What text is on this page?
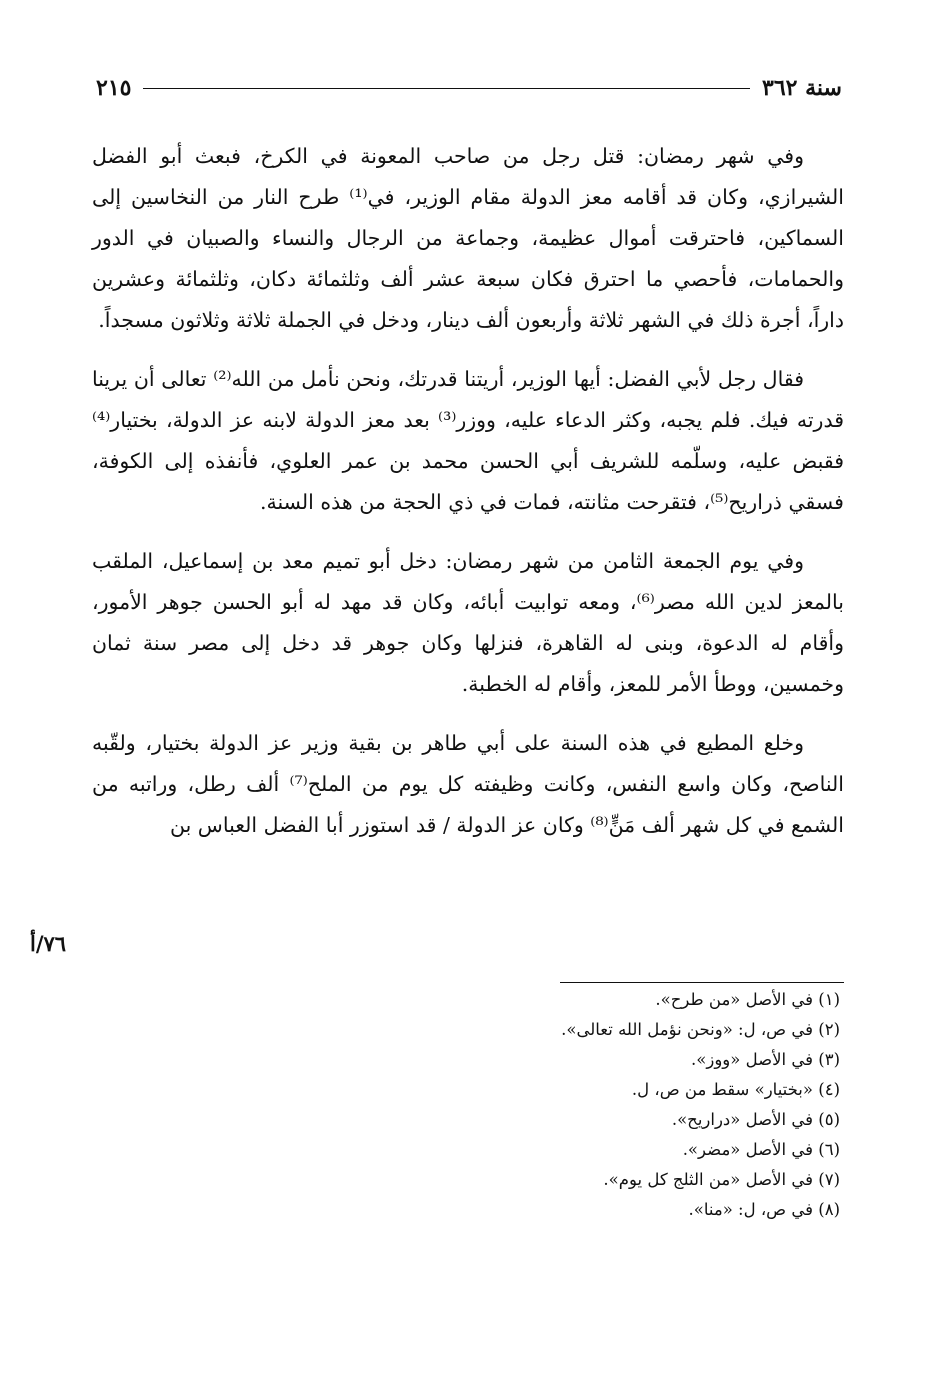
سنة ٣٦٢
٢١٥

وفي شهر رمضان: قتل رجل من صاحب المعونة في الكرخ، فبعث أبو الفضل الشيرازي، وكان قد أقامه معز الدولة مقام الوزير، في⁽¹⁾ طرح النار من النخاسين إلى السماكين، فاحترقت أموال عظيمة، وجماعة من الرجال والنساء والصبيان في الدور والحمامات، فأحصي ما احترق فكان سبعة عشر ألف وثلثمائة دكان، وثلثمائة وعشرين داراً، أجرة ذلك في الشهر ثلاثة وأربعون ألف دينار، ودخل في الجملة ثلاثة وثلاثون مسجداً.

فقال رجل لأبي الفضل: أيها الوزير، أريتنا قدرتك، ونحن نأمل من الله⁽²⁾ تعالى أن يرينا قدرته فيك. فلم يجبه، وكثر الدعاء عليه، ووزر⁽³⁾ بعد معز الدولة لابنه عز الدولة، بختيار⁽⁴⁾ فقبض عليه، وسلّمه للشريف أبي الحسن محمد بن عمر العلوي، فأنفذه إلى الكوفة، فسقي ذراريح⁽⁵⁾، فتقرحت مثانته، فمات في ذي الحجة من هذه السنة.

وفي يوم الجمعة الثامن من شهر رمضان: دخل أبو تميم معد بن إسماعيل، الملقب بالمعز لدين الله مصر⁽⁶⁾، ومعه توابيت أبائه، وكان قد مهد له أبو الحسن جوهر الأمور، وأقام له الدعوة، وبنى له القاهرة، فنزلها وكان جوهر قد دخل إلى مصر سنة ثمان وخمسين، ووطأ الأمر للمعز، وأقام له الخطبة.

وخلع المطيع في هذه السنة على أبي طاهر بن بقية وزير عز الدولة بختيار، ولقّبه الناصح، وكان واسع النفس، وكانت وظيفته كل يوم من الملح⁽⁷⁾ ألف رطل، وراتبه من الشمع في كل شهر ألف مَنٍّ⁽⁸⁾ وكان عز الدولة / قد استوزر أبا الفضل العباس بن

٧٦/أ
(١) في الأصل «من طرح».
(٢) في ص، ل: «ونحن نؤمل الله تعالى».
(٣) في الأصل «ووز».
(٤) «بختيار» سقط من ص، ل.
(٥) في الأصل «دراريح».
(٦) في الأصل «مضر».
(٧) في الأصل «من الثلج كل يوم».
(٨) في ص، ل: «منا».
